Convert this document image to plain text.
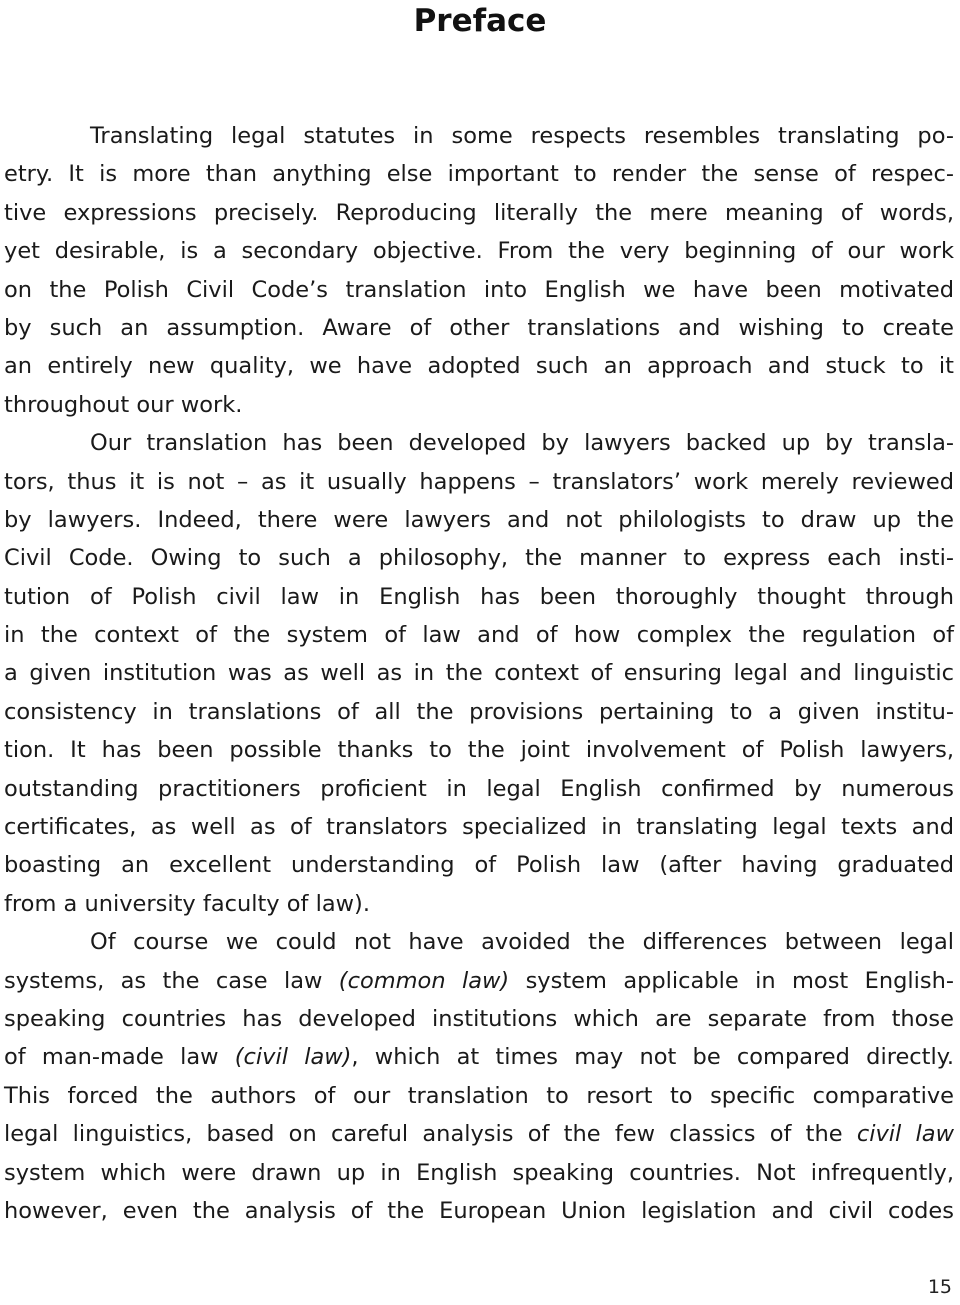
Preface
Translating legal statutes in some respects resembles translating po-
etry. It is more than anything else important to render the sense of respec-
tive expressions precisely. Reproducing literally the mere meaning of words,
yet desirable, is a secondary objective. From the very beginning of our work
on the Polish Civil Code’s translation into English we have been motivated
by such an assumption. Aware of other translations and wishing to create
an entirely new quality, we have adopted such an approach and stuck to it
throughout our work.
Our translation has been developed by lawyers backed up by transla-
tors, thus it is not – as it usually happens – translators’ work merely reviewed
by lawyers. Indeed, there were lawyers and not philologists to draw up the
Civil Code. Owing to such a philosophy, the manner to express each insti-
tution of Polish civil law in English has been thoroughly thought through
in the context of the system of law and of how complex the regulation of
a given institution was as well as in the context of ensuring legal and linguistic
consistency in translations of all the provisions pertaining to a given institu-
tion. It has been possible thanks to the joint involvement of Polish lawyers,
outstanding practitioners proficient in legal English confirmed by numerous
certificates, as well as of translators specialized in translating legal texts and
boasting an excellent understanding of Polish law (after having graduated
from a university faculty of law).
Of course we could not have avoided the differences between legal
systems, as the case law (common law) system applicable in most English-
speaking countries has developed institutions which are separate from those
of man-made law (civil law), which at times may not be compared directly.
This forced the authors of our translation to resort to specific comparative
legal linguistics, based on careful analysis of the few classics of the civil law
system which were drawn up in English speaking countries. Not infrequently,
however, even the analysis of the European Union legislation and civil codes
15
